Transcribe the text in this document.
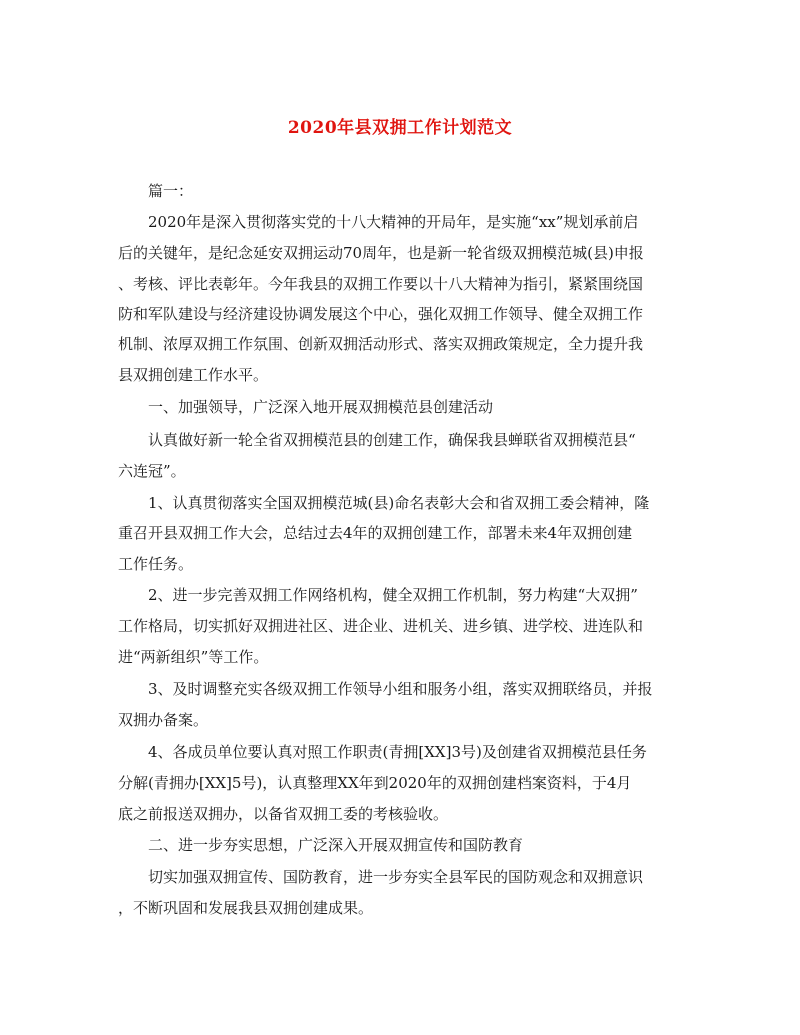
2020年县双拥工作计划范文
篇一：
2020年是深入贯彻落实党的十八大精神的开局年，是实施“xx”规划承前启
后的关键年，是纪念延安双拥运动70周年，也是新一轮省级双拥模范城(县)申报
、考核、评比表彰年。今年我县的双拥工作要以十八大精神为指引，紧紧围绕国
防和军队建设与经济建设协调发展这个中心，强化双拥工作领导、健全双拥工作
机制、浓厚双拥工作氛围、创新双拥活动形式、落实双拥政策规定，全力提升我
县双拥创建工作水平。
一、加强领导，广泛深入地开展双拥模范县创建活动
认真做好新一轮全省双拥模范县的创建工作，确保我县蝉联省双拥模范县“
六连冠”。
1、认真贯彻落实全国双拥模范城(县)命名表彰大会和省双拥工委会精神，隆
重召开县双拥工作大会，总结过去4年的双拥创建工作，部署未来4年双拥创建
工作任务。
2、进一步完善双拥工作网络机构，健全双拥工作机制，努力构建“大双拥”
工作格局，切实抓好双拥进社区、进企业、进机关、进乡镇、进学校、进连队和
进“两新组织”等工作。
3、及时调整充实各级双拥工作领导小组和服务小组，落实双拥联络员，并报
双拥办备案。
4、各成员单位要认真对照工作职责(青拥[XX]3号)及创建省双拥模范县任务
分解(青拥办[XX]5号)，认真整理XX年到2020年的双拥创建档案资料，于4月
底之前报送双拥办，以备省双拥工委的考核验收。
二、进一步夯实思想，广泛深入开展双拥宣传和国防教育
切实加强双拥宣传、国防教育，进一步夯实全县军民的国防观念和双拥意识
，不断巩固和发展我县双拥创建成果。
